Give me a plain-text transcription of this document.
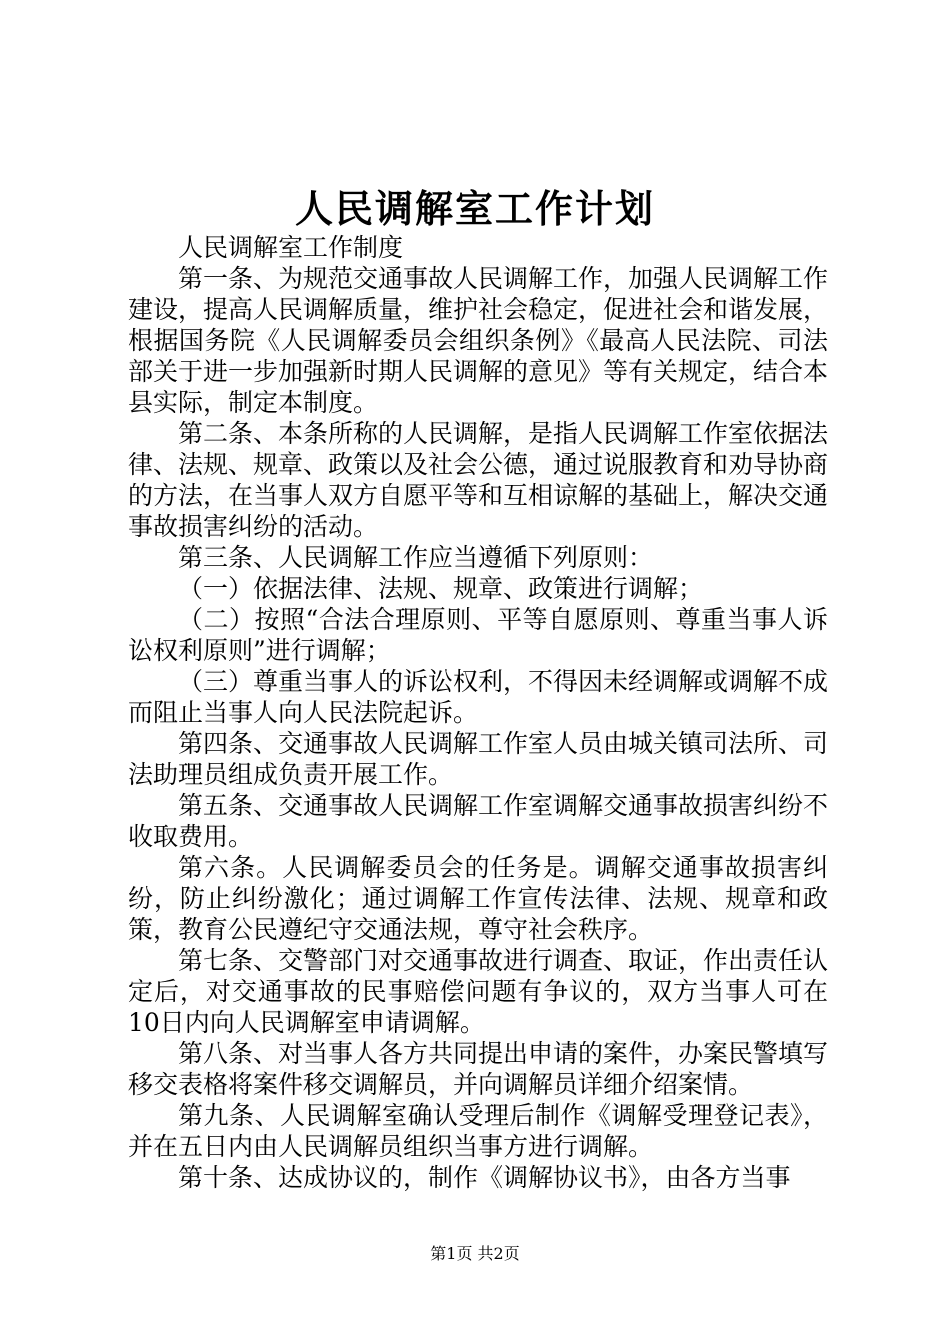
人民调解室工作计划

人民调解室工作制度

第一条、为规范交通事故人民调解工作，加强人民调解工作建设，提高人民调解质量，维护社会稳定，促进社会和谐发展，根据国务院《人民调解委员会组织条例》《最高人民法院、司法部关于进一步加强新时期人民调解的意见》等有关规定，结合本县实际，制定本制度。

第二条、本条所称的人民调解，是指人民调解工作室依据法律、法规、规章、政策以及社会公德，通过说服教育和劝导协商的方法，在当事人双方自愿平等和互相谅解的基础上，解决交通事故损害纠纷的活动。

第三条、人民调解工作应当遵循下列原则：

（一）依据法律、法规、规章、政策进行调解；

（二）按照“合法合理原则、平等自愿原则、尊重当事人诉讼权利原则”进行调解；

（三）尊重当事人的诉讼权利，不得因未经调解或调解不成而阻止当事人向人民法院起诉。

第四条、交通事故人民调解工作室人员由城关镇司法所、司法助理员组成负责开展工作。

第五条、交通事故人民调解工作室调解交通事故损害纠纷不收取费用。

第六条。人民调解委员会的任务是。调解交通事故损害纠纷，防止纠纷激化；通过调解工作宣传法律、法规、规章和政策，教育公民遵纪守交通法规，尊守社会秩序。

第七条、交警部门对交通事故进行调查、取证，作出责任认定后，对交通事故的民事赔偿问题有争议的，双方当事人可在10日内向人民调解室申请调解。

第八条、对当事人各方共同提出申请的案件，办案民警填写移交表格将案件移交调解员，并向调解员详细介绍案情。

第九条、人民调解室确认受理后制作《调解受理登记表》，并在五日内由人民调解员组织当事方进行调解。

第十条、达成协议的，制作《调解协议书》，由各方当事

第1页 共2页
